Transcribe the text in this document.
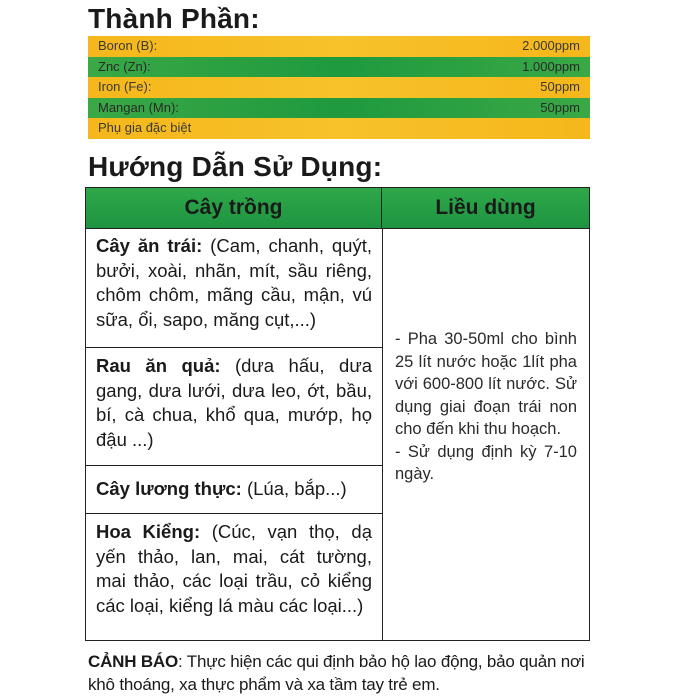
Thành Phần:
Boron (B):	2.000ppm
Znc (Zn):	1.000ppm
Iron (Fe):	50ppm
Mangan (Mn):	50ppm
Phụ gia đặc biệt
Hướng Dẫn Sử Dụng:
Cây trồng	Liều dùng
Cây ăn trái: (Cam, chanh, quýt, bưởi, xoài, nhãn, mít, sầu riêng, chôm chôm, mãng cầu, mận, vú sữa, ổi, sapo, măng cụt,...)
Rau ăn quả: (dưa hấu, dưa gang, dưa lưới, dưa leo, ớt, bầu, bí, cà chua, khổ qua, mướp, họ đậu ...)
Cây lương thực: (Lúa, bắp...)
Hoa Kiểng: (Cúc, vạn thọ, dạ yến thảo, lan, mai, cát tường, mai thảo, các loại trầu, cỏ kiểng các loại, kiểng lá màu các loại...)

- Pha 30-50ml cho bình 25 lít nước hoặc 1lít pha với 600-800 lít nước. Sử dụng giai đoạn trái non cho đến khi thu hoạch.

- Sử dụng định kỳ 7-10 ngày.

CẢNH BÁO: Thực hiện các qui định bảo hộ lao động, bảo quản nơi khô thoáng, xa thực phẩm và xa tầm tay trẻ em.
